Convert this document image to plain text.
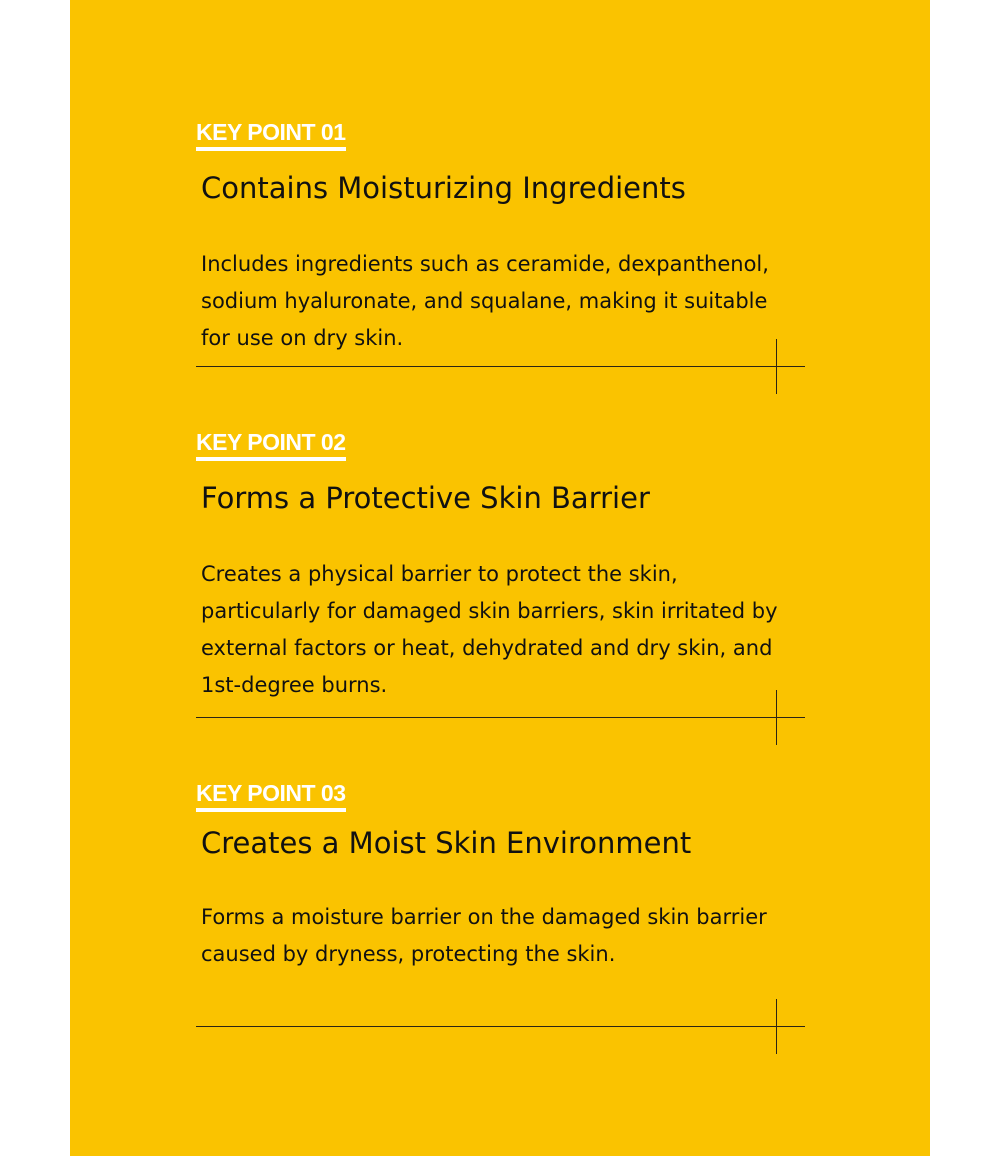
KEY POINT 01
Contains Moisturizing Ingredients

Includes ingredients such as ceramide, dexpanthenol, sodium hyaluronate, and squalane, making it suitable for use on dry skin.

KEY POINT 02
Forms a Protective Skin Barrier

Creates a physical barrier to protect the skin, particularly for damaged skin barriers, skin irritated by external factors or heat, dehydrated and dry skin, and 1st-degree burns.

KEY POINT 03
Creates a Moist Skin Environment

Forms a moisture barrier on the damaged skin barrier caused by dryness, protecting the skin.
